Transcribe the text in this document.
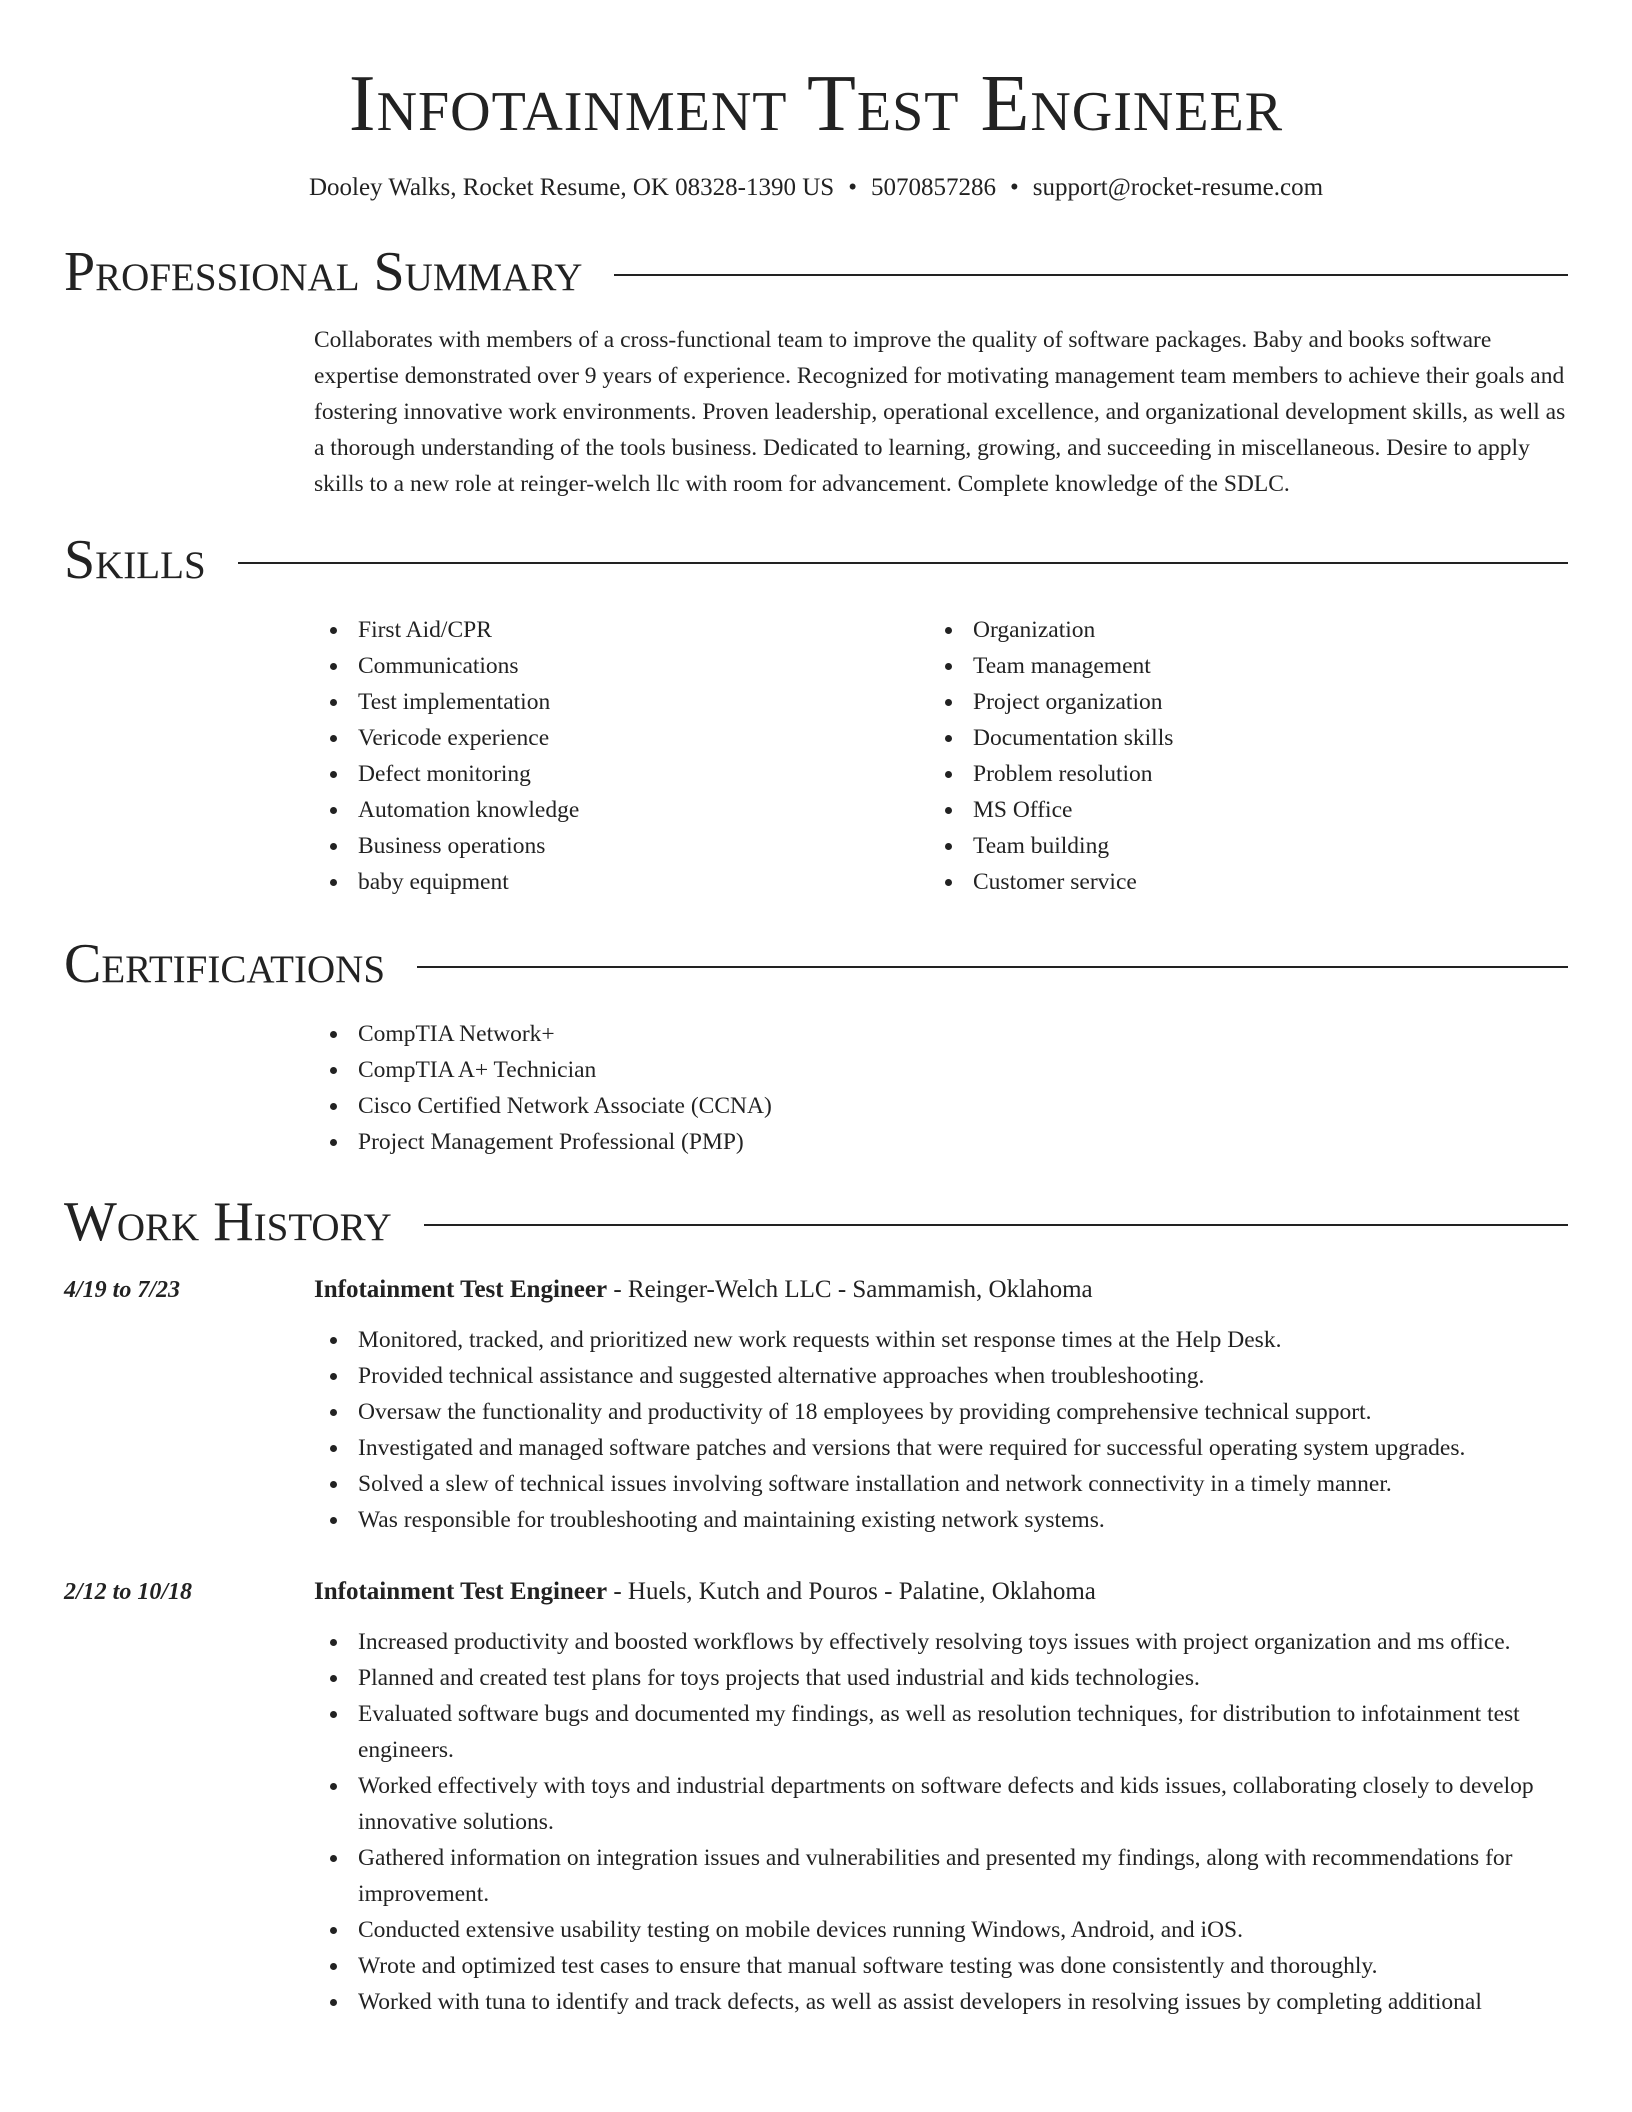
Infotainment Test Engineer
Dooley Walks, Rocket Resume, OK 08328-1390 US • 5070857286 • support@rocket-resume.com
Professional Summary

Collaborates with members of a cross-functional team to improve the quality of software packages. Baby and books software expertise demonstrated over 9 years of experience. Recognized for motivating management team members to achieve their goals and fostering innovative work environments. Proven leadership, operational excellence, and organizational development skills, as well as a thorough understanding of the tools business. Dedicated to learning, growing, and succeeding in miscellaneous. Desire to apply skills to a new role at reinger-welch llc with room for advancement. Complete knowledge of the SDLC.

Skills
First Aid/CPR
Communications
Test implementation
Vericode experience
Defect monitoring
Automation knowledge
Business operations
baby equipment
Organization
Team management
Project organization
Documentation skills
Problem resolution
MS Office
Team building
Customer service
Certifications
CompTIA Network+
CompTIA A+ Technician
Cisco Certified Network Associate (CCNA)
Project Management Professional (PMP)
Work History
4/19 to 7/23	Infotainment Test Engineer - Reinger-Welch LLC - Sammamish, Oklahoma
Monitored, tracked, and prioritized new work requests within set response times at the Help Desk.
Provided technical assistance and suggested alternative approaches when troubleshooting.
Oversaw the functionality and productivity of 18 employees by providing comprehensive technical support.
Investigated and managed software patches and versions that were required for successful operating system upgrades.
Solved a slew of technical issues involving software installation and network connectivity in a timely manner.
Was responsible for troubleshooting and maintaining existing network systems.
2/12 to 10/18	Infotainment Test Engineer - Huels, Kutch and Pouros - Palatine, Oklahoma
Increased productivity and boosted workflows by effectively resolving toys issues with project organization and ms office.
Planned and created test plans for toys projects that used industrial and kids technologies.
Evaluated software bugs and documented my findings, as well as resolution techniques, for distribution to infotainment test engineers.
Worked effectively with toys and industrial departments on software defects and kids issues, collaborating closely to develop innovative solutions.
Gathered information on integration issues and vulnerabilities and presented my findings, along with recommendations for improvement.
Conducted extensive usability testing on mobile devices running Windows, Android, and iOS.
Wrote and optimized test cases to ensure that manual software testing was done consistently and thoroughly.
Worked with tuna to identify and track defects, as well as assist developers in resolving issues by completing additional
